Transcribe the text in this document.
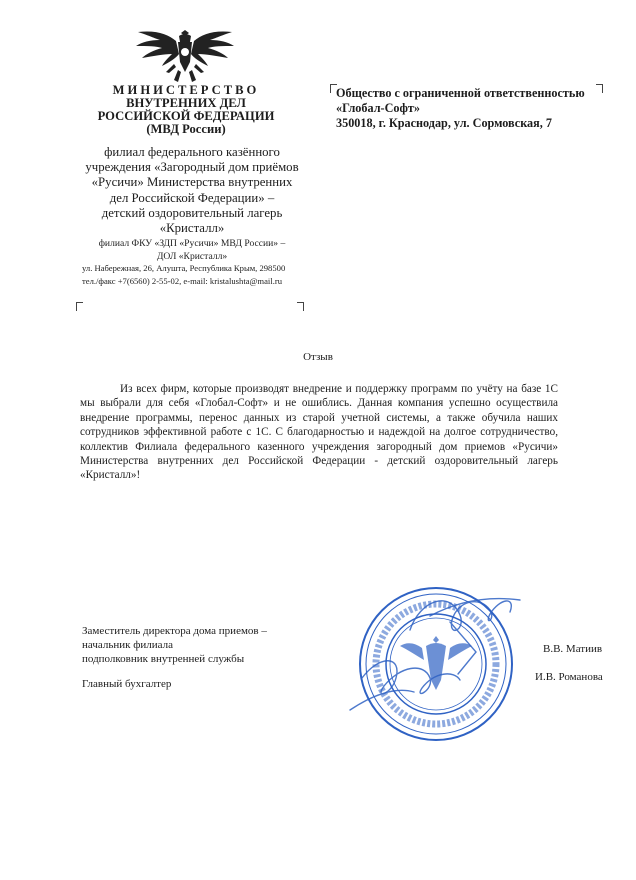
МИНИСТЕРСТВО
ВНУТРЕННИХ ДЕЛ
РОССИЙСКОЙ ФЕДЕРАЦИИ
(МВД России)
филиал федерального казённого
учреждения «Загородный дом приёмов
«Русичи» Министерства внутренних
дел Российской Федерации» –
детский оздоровительный лагерь
«Кристалл»
филиал ФКУ «ЗДП «Русичи» МВД России» –
ДОЛ «Кристалл»
ул. Набережная, 26, Алушта, Республика Крым, 298500
тел./факс +7(6560) 2-55-02, e-mail: kristalushta@mail.ru
Общество с ограниченной ответственностью
«Глобал-Софт»
350018, г. Краснодар, ул. Сормовская, 7
Отзыв
Из всех фирм, которые производят внедрение и поддержку программ по учёту на базе 1С мы выбрали для себя «Глобал-Софт» и не ошиблись. Данная компания успешно осуществила внедрение программы, перенос данных из старой учетной системы, а также обучила наших сотрудников эффективной работе с 1С. С благодарностью и надеждой на долгое сотрудничество, коллектив Филиала федерального казенного учреждения загородный дом приемов «Русичи» Министерства внутренних дел Российской Федерации - детский оздоровительный лагерь «Кристалл»!
Заместитель директора дома приемов –
начальник филиала
подполковник внутренней службы
Главный бухгалтер
В.В. Матиив
И.В. Романова
